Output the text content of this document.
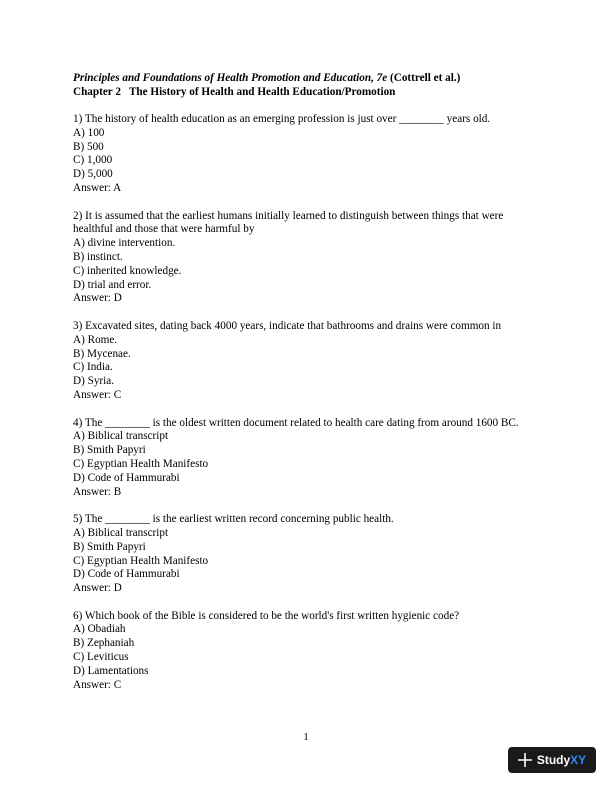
Principles and Foundations of Health Promotion and Education, 7e (Cottrell et al.)
Chapter 2 The History of Health and Health Education/Promotion
1) The history of health education as an emerging profession is just over ________ years old.
A) 100
B) 500
C) 1,000
D) 5,000
Answer: A
2) It is assumed that the earliest humans initially learned to distinguish between things that were healthful and those that were harmful by
A) divine intervention.
B) instinct.
C) inherited knowledge.
D) trial and error.
Answer: D
3) Excavated sites, dating back 4000 years, indicate that bathrooms and drains were common in
A) Rome.
B) Mycenae.
C) India.
D) Syria.
Answer: C
4) The ________ is the oldest written document related to health care dating from around 1600 BC.
A) Biblical transcript
B) Smith Papyri
C) Egyptian Health Manifesto
D) Code of Hammurabi
Answer: B
5) The ________ is the earliest written record concerning public health.
A) Biblical transcript
B) Smith Papyri
C) Egyptian Health Manifesto
D) Code of Hammurabi
Answer: D
6) Which book of the Bible is considered to be the world's first written hygienic code?
A) Obadiah
B) Zephaniah
C) Leviticus
D) Lamentations
Answer: C
1
StudyXY
